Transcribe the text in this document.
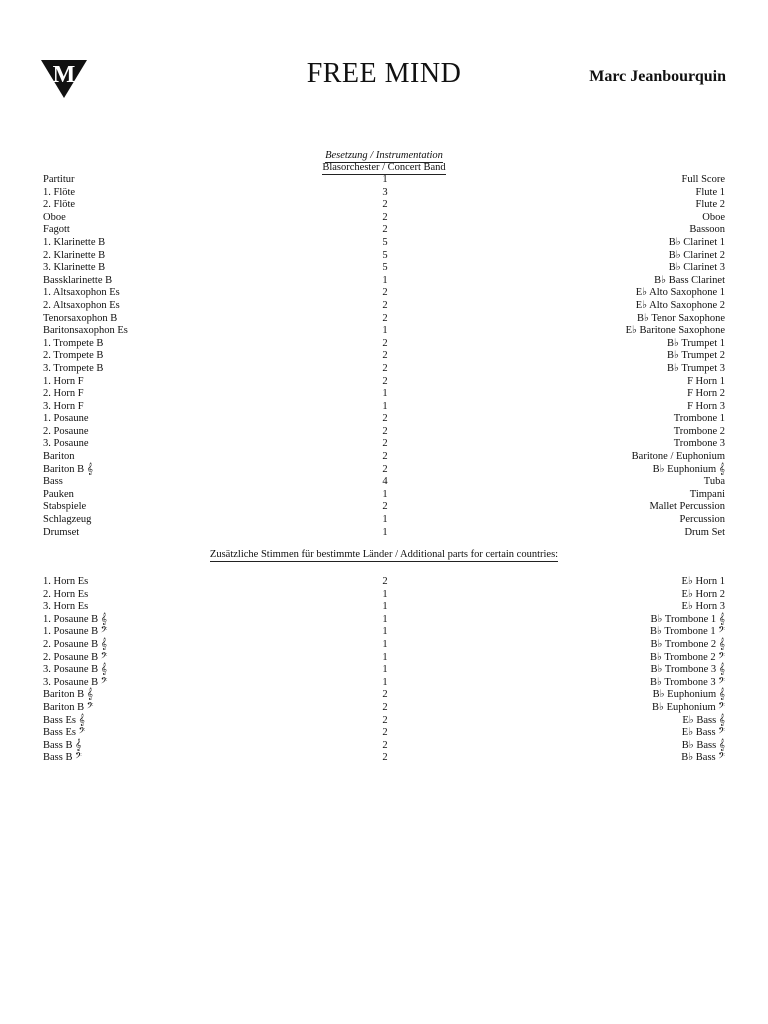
M	FREE MIND	Marc Jeanbourquin
Besetzung / Instrumentation
Blasorchester / Concert Band
Partitur	1	Full Score
1. Flöte	3	Flute 1
2. Flöte	2	Flute 2
Oboe	2	Oboe
Fagott	2	Bassoon
1. Klarinette B	5	B♭ Clarinet 1
2. Klarinette B	5	B♭ Clarinet 2
3. Klarinette B	5	B♭ Clarinet 3
Bassklarinette B	1	B♭ Bass Clarinet
1. Altsaxophon Es	2	E♭ Alto Saxophone 1
2. Altsaxophon Es	2	E♭ Alto Saxophone 2
Tenorsaxophon B	2	B♭ Tenor Saxophone
Baritonsaxophon Es	1	E♭ Baritone Saxophone
1. Trompete B	2	B♭ Trumpet 1
2. Trompete B	2	B♭ Trumpet 2
3. Trompete B	2	B♭ Trumpet 3
1. Horn F	2	F Horn 1
2. Horn F	1	F Horn 2
3. Horn F	1	F Horn 3
1. Posaune	2	Trombone 1
2. Posaune	2	Trombone 2
3. Posaune	2	Trombone 3
Bariton	2	Baritone / Euphonium
Bariton B 𝄞	2	B♭ Euphonium 𝄞
Bass	4	Tuba
Pauken	1	Timpani
Stabspiele	2	Mallet Percussion
Schlagzeug	1	Percussion
Drumset	1	Drum Set
Zusätzliche Stimmen für bestimmte Länder / Additional parts for certain countries:
1. Horn Es	2	E♭ Horn 1
2. Horn Es	1	E♭ Horn 2
3. Horn Es	1	E♭ Horn 3
1. Posaune B 𝄞	1	B♭ Trombone 1 𝄞
1. Posaune B 𝄢	1	B♭ Trombone 1 𝄢
2. Posaune B 𝄞	1	B♭ Trombone 2 𝄞
2. Posaune B 𝄢	1	B♭ Trombone 2 𝄢
3. Posaune B 𝄞	1	B♭ Trombone 3 𝄞
3. Posaune B 𝄢	1	B♭ Trombone 3 𝄢
Bariton B 𝄞	2	B♭ Euphonium 𝄞
Bariton B 𝄢	2	B♭ Euphonium 𝄢
Bass Es 𝄞	2	E♭ Bass 𝄞
Bass Es 𝄢	2	E♭ Bass 𝄢
Bass B 𝄞	2	B♭ Bass 𝄞
Bass B 𝄢	2	B♭ Bass 𝄢
